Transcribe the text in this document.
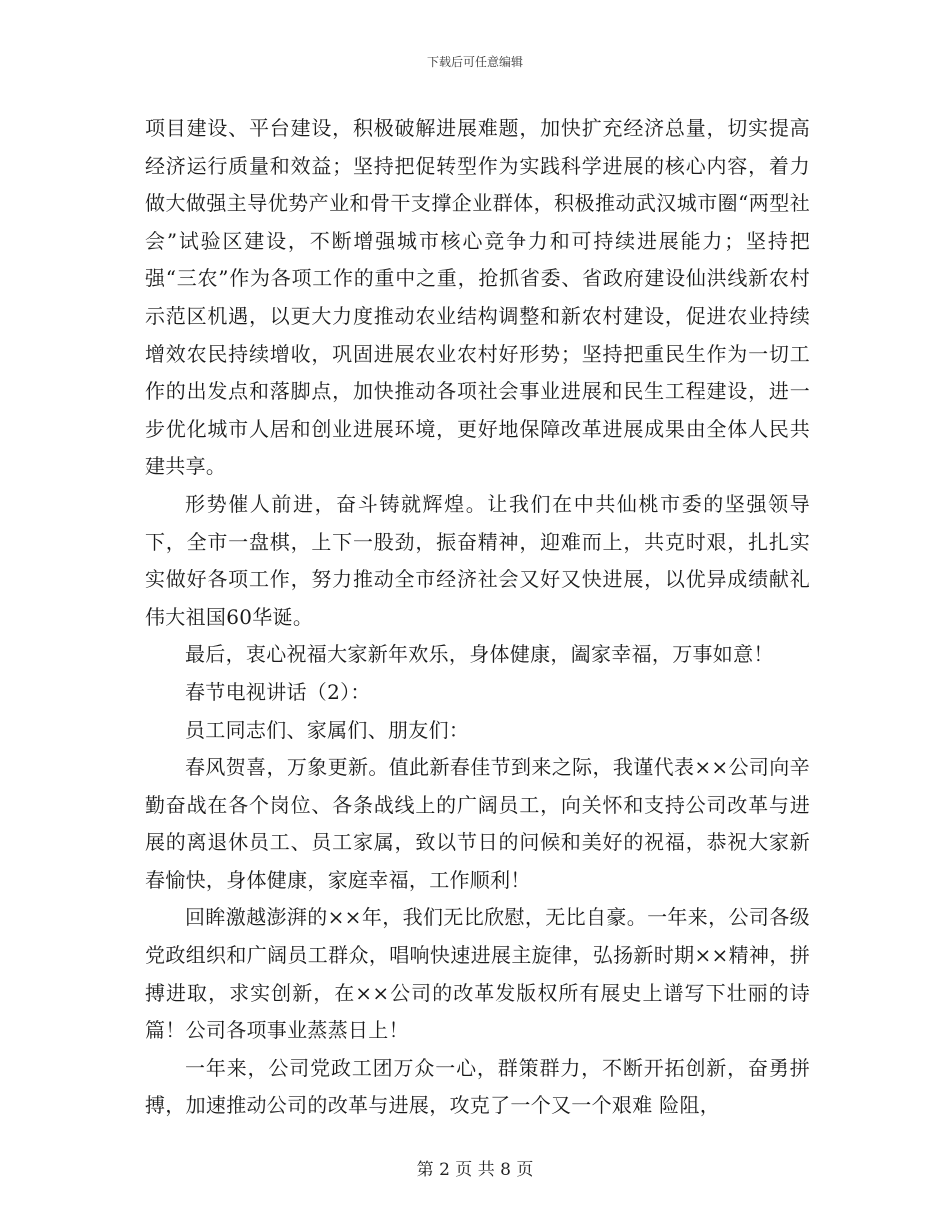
下载后可任意编辑

项目建设、平台建设，积极破解进展难题，加快扩充经济总量，切实提高经济运行质量和效益；坚持把促转型作为实践科学进展的核心内容，着力做大做强主导优势产业和骨干支撑企业群体，积极推动武汉城市圈“两型社会”试验区建设，不断增强城市核心竞争力和可持续进展能力；坚持把强“三农”作为各项工作的重中之重，抢抓省委、省政府建设仙洪线新农村示范区机遇，以更大力度推动农业结构调整和新农村建设，促进农业持续增效农民持续增收，巩固进展农业农村好形势；坚持把重民生作为一切工作的出发点和落脚点，加快推动各项社会事业进展和民生工程建设，进一步优化城市人居和创业进展环境，更好地保障改革进展成果由全体人民共建共享。

形势催人前进，奋斗铸就辉煌。让我们在中共仙桃市委的坚强领导下，全市一盘棋，上下一股劲，振奋精神，迎难而上，共克时艰，扎扎实实做好各项工作，努力推动全市经济社会又好又快进展，以优异成绩献礼伟大祖国60华诞。

最后，衷心祝福大家新年欢乐，身体健康，阖家幸福，万事如意！

春节电视讲话（2）：

员工同志们、家属们、朋友们：

春风贺喜，万象更新。值此新春佳节到来之际，我谨代表××公司向辛勤奋战在各个岗位、各条战线上的广阔员工，向关怀和支持公司改革与进展的离退休员工、员工家属，致以节日的问候和美好的祝福，恭祝大家新春愉快，身体健康，家庭幸福，工作顺利！

回眸激越澎湃的××年，我们无比欣慰，无比自豪。一年来，公司各级党政组织和广阔员工群众，唱响快速进展主旋律，弘扬新时期××精神，拼搏进取，求实创新，在××公司的改革发版权所有展史上谱写下壮丽的诗篇！公司各项事业蒸蒸日上！

一年来，公司党政工团万众一心，群策群力，不断开拓创新，奋勇拼搏，加速推动公司的改革与进展，攻克了一个又一个艰难 险阻，

第 2 页 共 8 页
